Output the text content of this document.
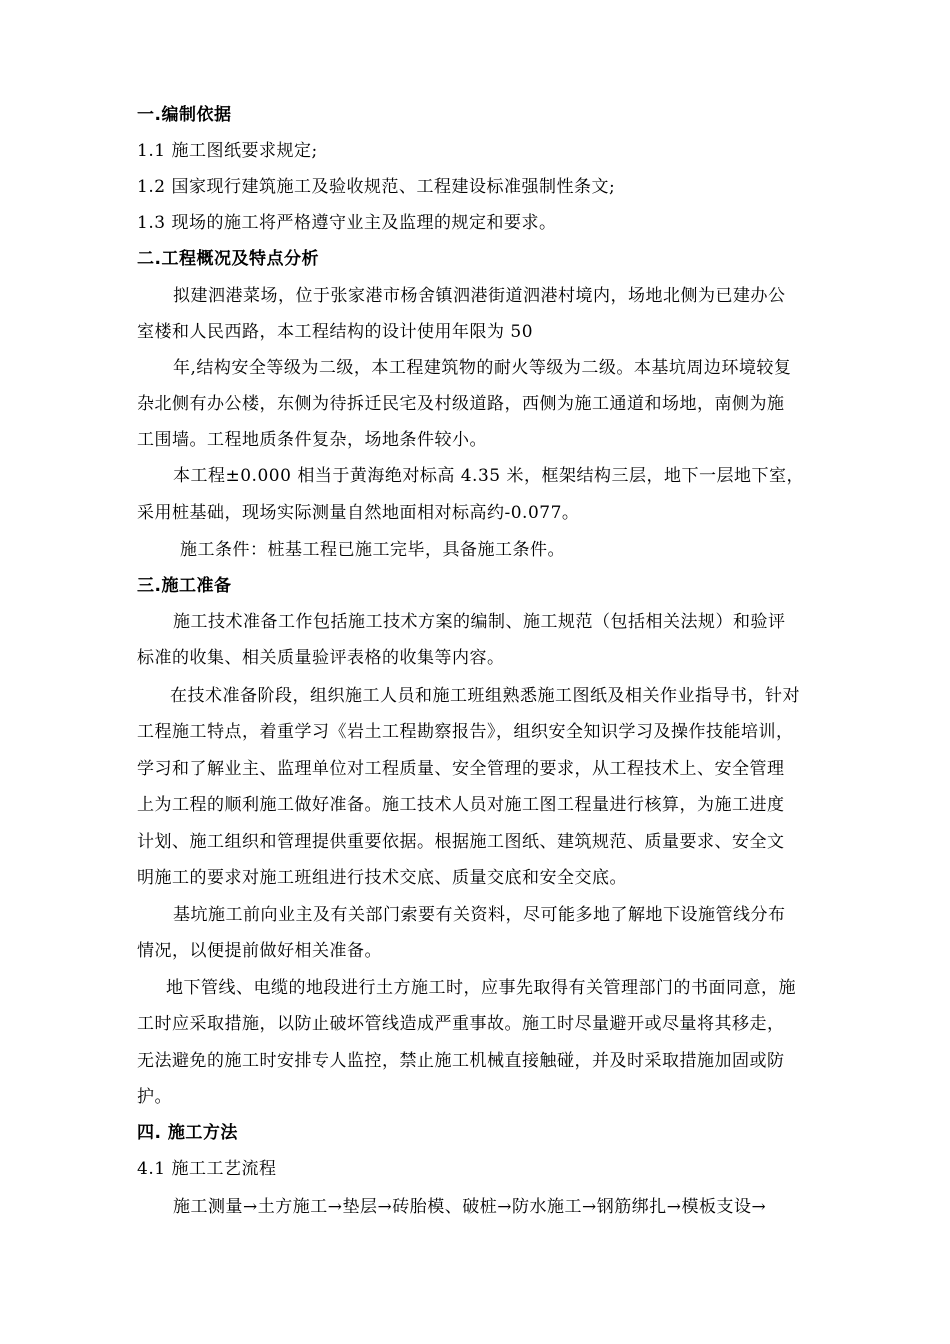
一.编制依据
1.1 施工图纸要求规定;
1.2 国家现行建筑施工及验收规范、工程建设标准强制性条文;
1.3 现场的施工将严格遵守业主及监理的规定和要求。
二.工程概况及特点分析
拟建泗港菜场，位于张家港市杨舍镇泗港街道泗港村境内，场地北侧为已建办公
室楼和人民西路，本工程结构的设计使用年限为 50
年,结构安全等级为二级，本工程建筑物的耐火等级为二级。本基坑周边环境较复
杂北侧有办公楼，东侧为待拆迁民宅及村级道路，西侧为施工通道和场地，南侧为施
工围墙。工程地质条件复杂，场地条件较小。
本工程±0.000 相当于黄海绝对标高 4.35 米，框架结构三层，地下一层地下室，
采用桩基础，现场实际测量自然地面相对标高约-0.077。
施工条件：桩基工程已施工完毕，具备施工条件。
三.施工准备
施工技术准备工作包括施工技术方案的编制、施工规范（包括相关法规）和验评
标准的收集、相关质量验评表格的收集等内容。
在技术准备阶段，组织施工人员和施工班组熟悉施工图纸及相关作业指导书，针对
工程施工特点，着重学习《岩土工程勘察报告》，组织安全知识学习及操作技能培训，
学习和了解业主、监理单位对工程质量、安全管理的要求，从工程技术上、安全管理
上为工程的顺利施工做好准备。施工技术人员对施工图工程量进行核算，为施工进度
计划、施工组织和管理提供重要依据。根据施工图纸、建筑规范、质量要求、安全文
明施工的要求对施工班组进行技术交底、质量交底和安全交底。
基坑施工前向业主及有关部门索要有关资料，尽可能多地了解地下设施管线分布
情况，以便提前做好相关准备。
地下管线、电缆的地段进行土方施工时，应事先取得有关管理部门的书面同意，施
工时应采取措施，以防止破坏管线造成严重事故。施工时尽量避开或尽量将其移走，
无法避免的施工时安排专人监控，禁止施工机械直接触碰，并及时采取措施加固或防
护。
四. 施工方法
4.1 施工工艺流程
施工测量→土方施工→垫层→砖胎模、破桩→防水施工→钢筋绑扎→模板支设→
